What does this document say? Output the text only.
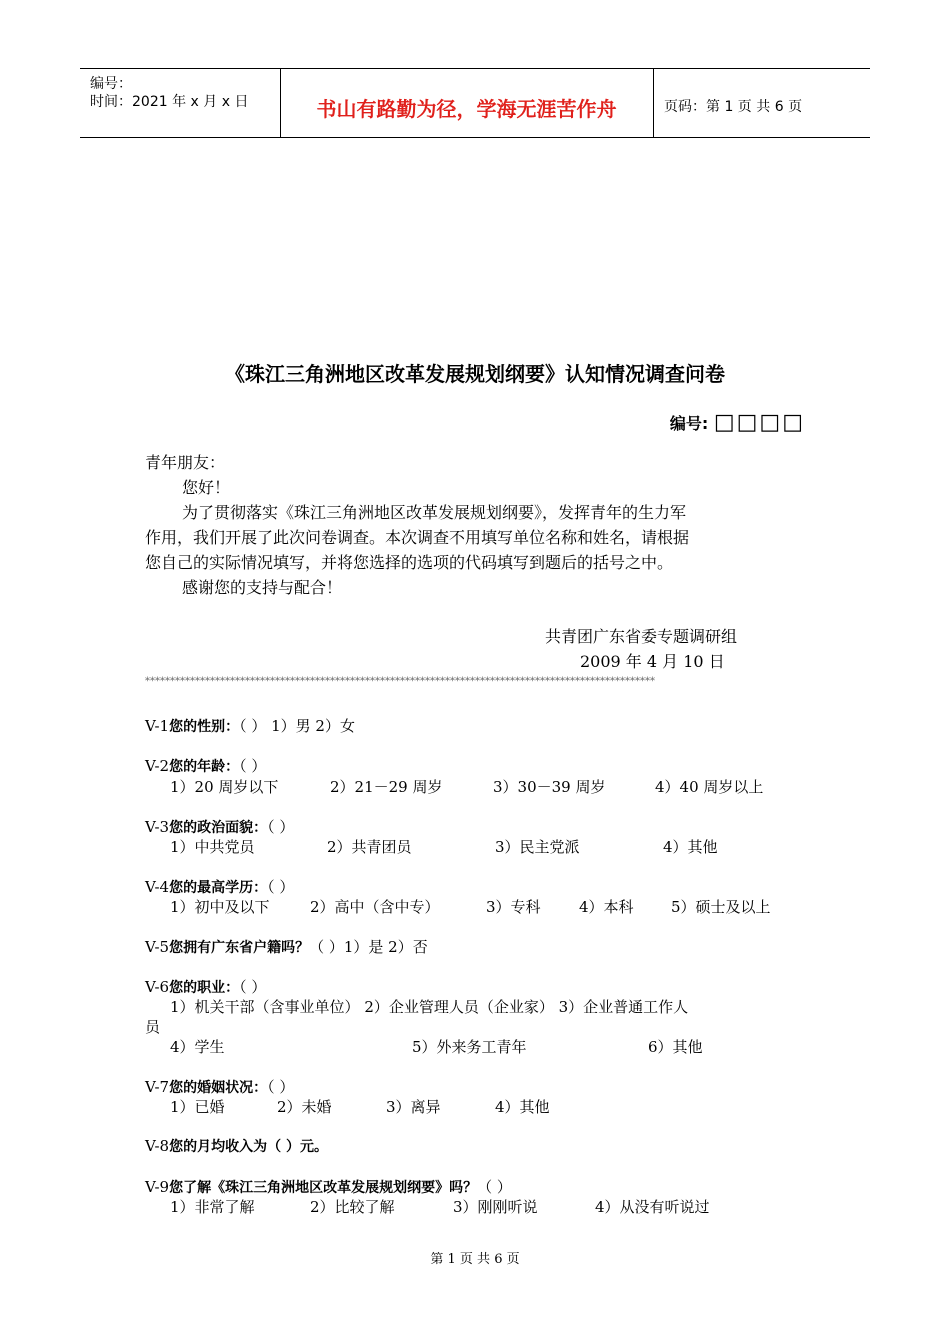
编号：
时间：2021 年 x 月 x 日	书山有路勤为径，学海无涯苦作舟	页码：第 1 页 共 6 页
《珠江三角洲地区改革发展规划纲要》认知情况调查问卷
编号: □□□□
青年朋友：
您好！
为了贯彻落实《珠江三角洲地区改革发展规划纲要》，发挥青年的生力军
作用，我们开展了此次问卷调查。本次调查不用填写单位名称和姓名，请根据
您自己的实际情况填写，并将您选择的选项的代码填写到题后的括号之中。
感谢您的支持与配合！
共青团广东省委专题调研组
2009 年 4 月 10 日
******************************************************************************************************
V-1您的性别：（ ） 1）男 2）女
V-2您的年龄：（ ）
1）20 周岁以下	2）21－29 周岁	3）30－39 周岁	4）40 周岁以上
V-3您的政治面貌：（ ）
1）中共党员	2）共青团员	3）民主党派	4）其他
V-4您的最高学历：（ ）
1）初中及以下	2）高中（含中专）	3）专科	4）本科 5）硕士及以上
V-5您拥有广东省户籍吗？（ ）1）是 2）否
V-6您的职业：（ ）
1）机关干部（含事业单位） 2）企业管理人员（企业家） 3）企业普通工作人
员
4）学生	5）外来务工青年	6）其他
V-7您的婚姻状况：（ ）
1）已婚	2）未婚	3）离异	4）其他
V-8您的月均收入为（ ）元。
V-9您了解《珠江三角洲地区改革发展规划纲要》吗？（ ）
1）非常了解	2）比较了解	3）刚刚听说	4）从没有听说过
第 1 页 共 6 页
